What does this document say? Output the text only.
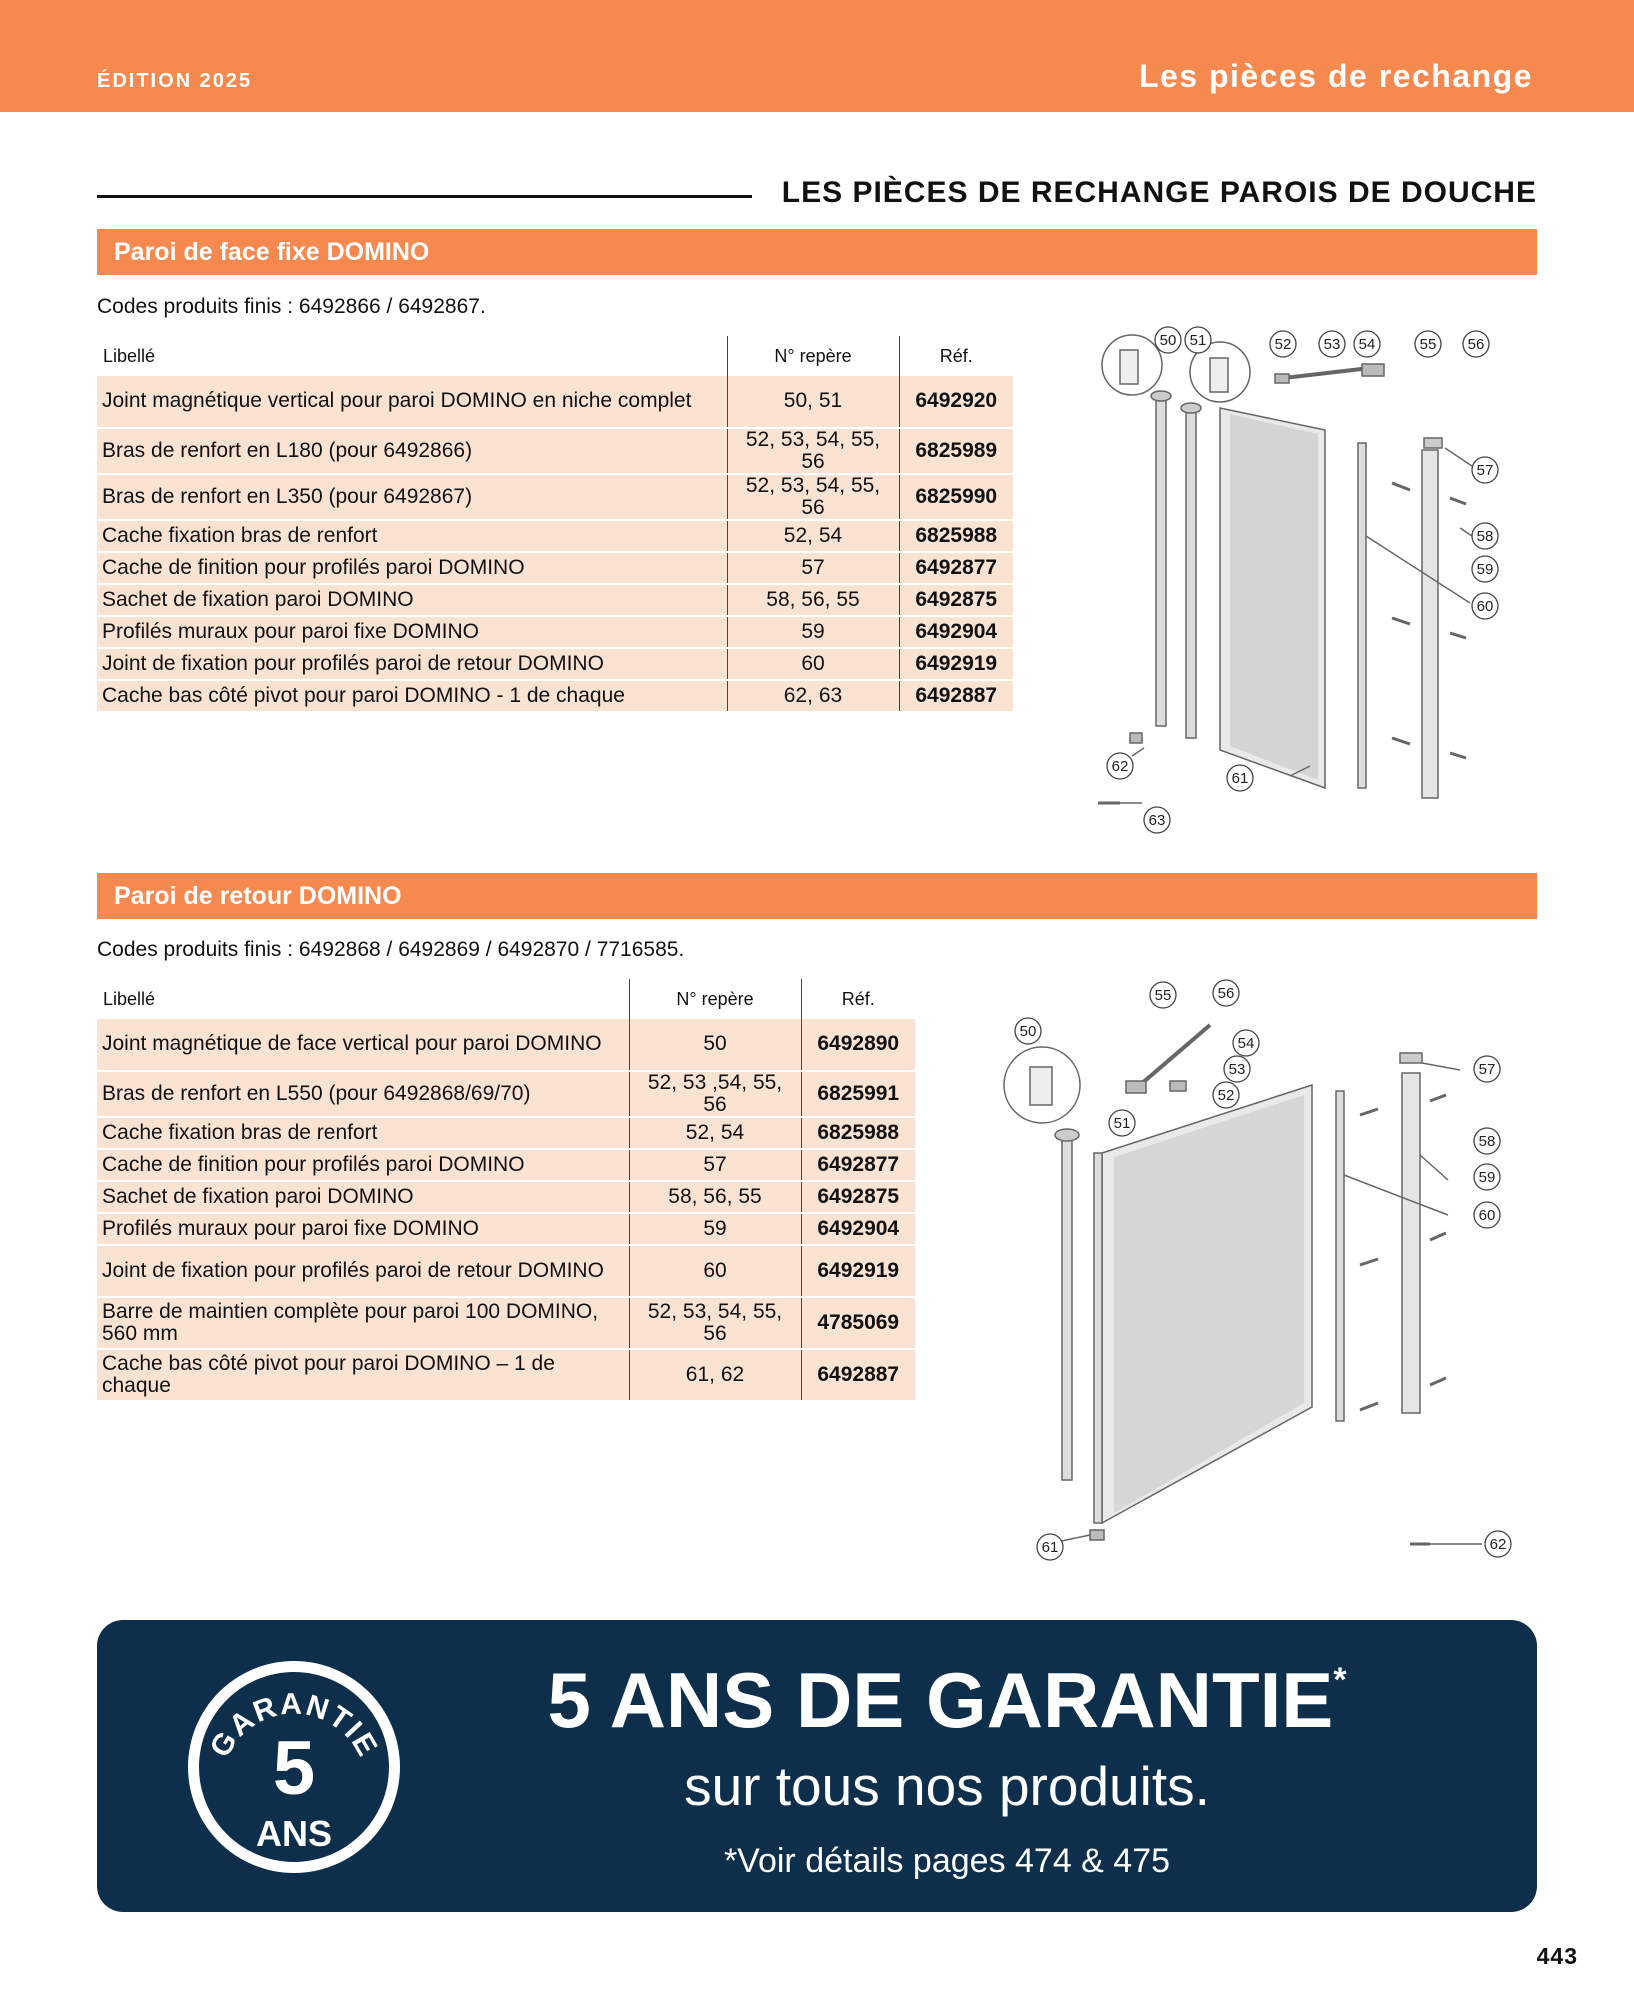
ÉDITION 2025	Les pièces de rechange
LES PIÈCES DE RECHANGE PAROIS DE DOUCHE
Paroi de face fixe DOMINO
Codes produits finis : 6492866 / 6492867.
Libellé	N° repère	Réf.
Joint magnétique vertical pour paroi DOMINO en niche complet	50, 51	6492920
Bras de renfort en L180 (pour 6492866)	52, 53, 54, 55, 56	6825989
Bras de renfort en L350 (pour 6492867)	52, 53, 54, 55, 56	6825990
Cache fixation bras de renfort	52, 54	6825988
Cache de finition pour profilés paroi DOMINO	57	6492877
Sachet de fixation paroi DOMINO	58, 56, 55	6492875
Profilés muraux pour paroi fixe DOMINO	59	6492904
Joint de fixation pour profilés paroi de retour DOMINO	60	6492919
Cache bas côté pivot pour paroi DOMINO - 1 de chaque	62, 63	6492887
50 51	52 53 54	55 56
57
58
59
60
61
62
63
Paroi de retour DOMINO
Codes produits finis : 6492868 / 6492869 / 6492870 / 7716585.
Libellé	N° repère	Réf.
Joint magnétique de face vertical pour paroi DOMINO	50	6492890
Bras de renfort en L550 (pour 6492868/69/70)	52, 53 ,54, 55, 56	6825991
Cache fixation bras de renfort	52, 54	6825988
Cache de finition pour profilés paroi DOMINO	57	6492877
Sachet de fixation paroi DOMINO	58, 56, 55	6492875
Profilés muraux pour paroi fixe DOMINO	59	6492904
Joint de fixation pour profilés paroi de retour DOMINO	60	6492919
Barre de maintien complète pour paroi 100 DOMINO, 560 mm	52, 53, 54, 55, 56	4785069
Cache bas côté pivot pour paroi DOMINO – 1 de chaque	61, 62	6492887
50
51
52
53
54
55	56
57
58
59
60
61	62
GARANTIE
5
ANS
5 ANS DE GARANTIE*
sur tous nos produits.
*Voir détails pages 474 & 475
443
